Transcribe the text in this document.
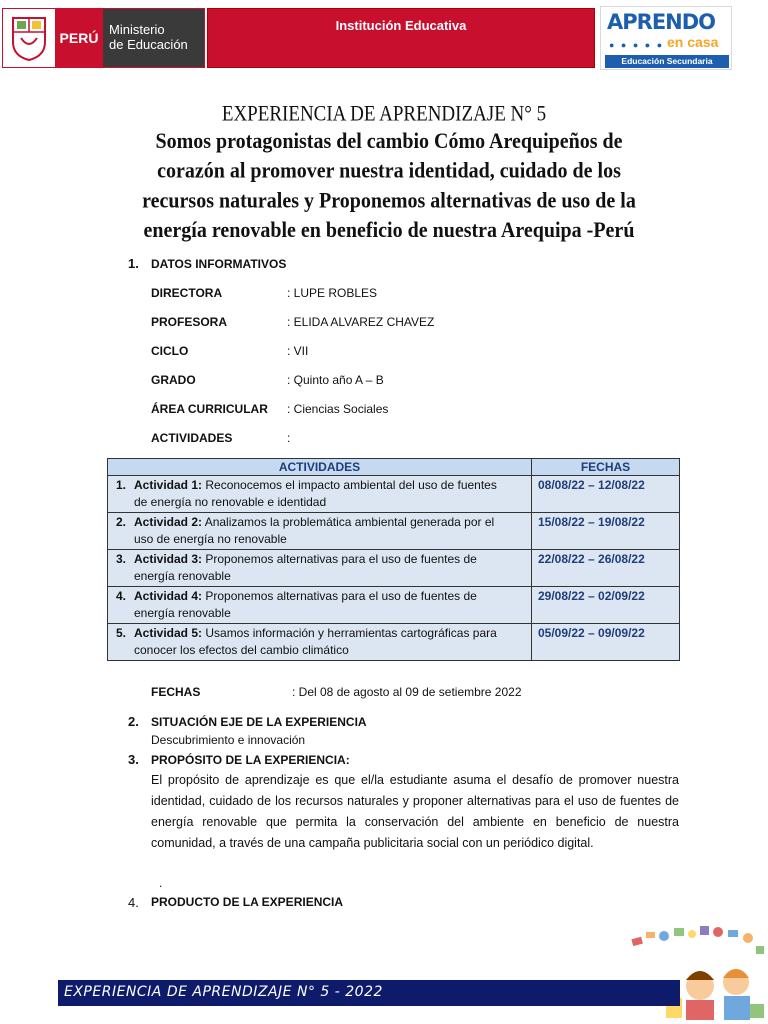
PERÚ
Ministerio
de Educación
Institución Educativa	APRENDO
● ● ● ● ● en casa
Educación Secundaria
EXPERIENCIA DE APRENDIZAJE N° 5
Somos protagonistas del cambio Cómo Arequipeños de corazón al promover nuestra identidad, cuidado de los recursos naturales y Proponemos alternativas de uso de la energía renovable en beneficio de nuestra Arequipa -Perú
1. DATOS INFORMATIVOS
DIRECTORA	: LUPE ROBLES
PROFESORA	: ELIDA ALVAREZ CHAVEZ
CICLO	: VII
GRADO	: Quinto año A – B
ÁREA CURRICULAR : Ciencias Sociales
ACTIVIDADES	:
ACTIVIDADES	FECHAS

1. Actividad 1: Reconocemos el impacto ambiental del uso de fuentes
de energía no renovable e identidad	08/08/22 – 12/08/22

2. Actividad 2: Analizamos la problemática ambiental generada por el
uso de energía no renovable	15/08/22 – 19/08/22

3. Actividad 3: Proponemos alternativas para el uso de fuentes de
energía renovable	22/08/22 – 26/08/22

4. Actividad 4: Proponemos alternativas para el uso de fuentes de
energía renovable	29/08/22 – 02/09/22

5. Actividad 5: Usamos información y herramientas cartográficas para
conocer los efectos del cambio climático	05/09/22 – 09/09/22
FECHAS	: Del 08 de agosto al 09 de setiembre 2022
2. SITUACIÓN EJE DE LA EXPERIENCIA
Descubrimiento e innovación
3. PROPÓSITO DE LA EXPERIENCIA:
El propósito de aprendizaje es que el/la estudiante asuma el desafío de promover nuestra identidad, cuidado de los recursos naturales y proponer alternativas para el uso de fuentes de energía renovable que permita la conservación del ambiente en beneficio de nuestra comunidad, a través de una campaña publicitaria social con un periódico digital.
.
4. PRODUCTO DE LA EXPERIENCIA
EXPERIENCIA DE APRENDIZAJE N° 5 - 2022
